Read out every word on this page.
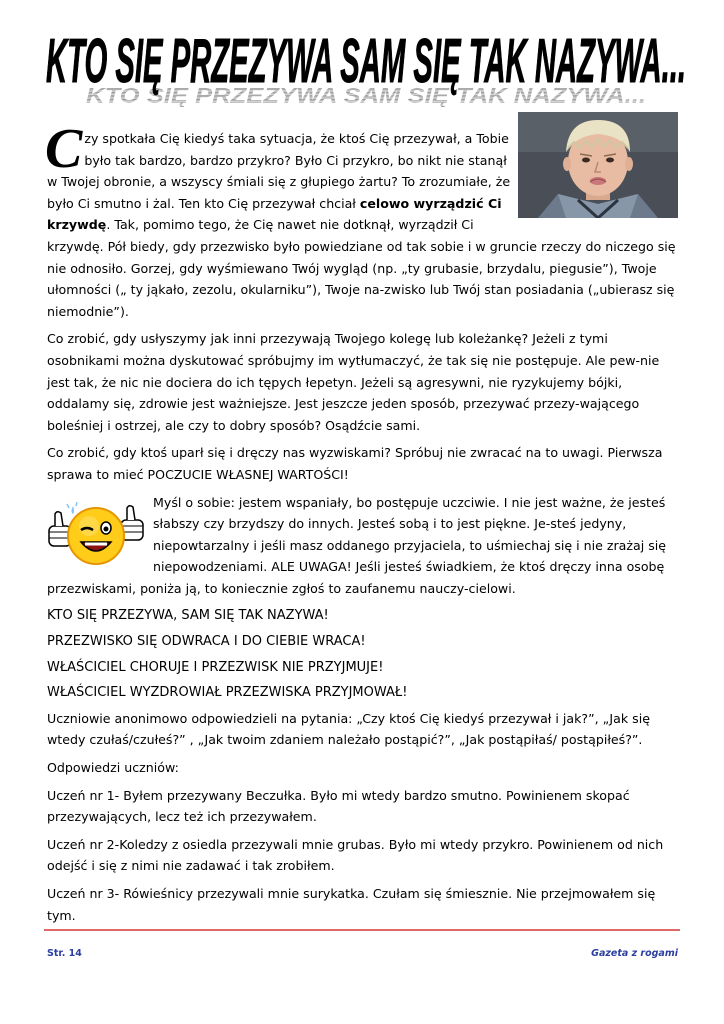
KTO SIĘ PRZEZYWA SAM SIĘ TAK NAZYWA...
KTO SIĘ PRZEZYWA SAM SIĘ TAK NAZYWA...

Czy spotkała Cię kiedyś taka sytuacja, że ktoś Cię przezywał, a Tobie było tak bardzo, bardzo przykro? Było Ci przykro, bo nikt nie stanął w Twojej obronie, a wszyscy śmiali się z głupiego żartu? To zrozumiałe, że było Ci smutno i żal. Ten kto Cię przezywał chciał celowo wyrządzić Ci krzywdę. Tak, pomimo tego, że Cię nawet nie dotknął, wyrządził Ci krzywdę. Pół biedy, gdy przezwisko było powiedziane od tak sobie i w gruncie rzeczy do niczego się nie odnosiło. Gorzej, gdy wyśmiewano Twój wygląd (np. „ty grubasie, brzydalu, piegusie”), Twoje ułomności („ ty jąkało, zezolu, okularniku”), Twoje na-zwisko lub Twój stan posiadania („ubierasz się niemodnie”).

Co zrobić, gdy usłyszymy jak inni przezywają Twojego kolegę lub koleżankę? Jeżeli z tymi osobnikami można dyskutować spróbujmy im wytłumaczyć, że tak się nie postępuje. Ale pew-nie jest tak, że nic nie dociera do ich tępych łepetyn. Jeżeli są agresywni, nie ryzykujemy bójki, oddalamy się, zdrowie jest ważniejsze. Jest jeszcze jeden sposób, przezywać przezy-wającego boleśniej i ostrzej, ale czy to dobry sposób? Osądźcie sami.

Co zrobić, gdy ktoś uparł się i dręczy nas wyzwiskami? Spróbuj nie zwracać na to uwagi. Pierwsza sprawa to mieć POCZUCIE WŁASNEJ WARTOŚCI!

Myśl o sobie: jestem wspaniały, bo postępuje uczciwie. I nie jest ważne, że jesteś słabszy czy brzydszy do innych. Jesteś sobą i to jest piękne. Je-steś jedyny, niepowtarzalny i jeśli masz oddanego przyjaciela, to uśmiechaj się i nie zrażaj się niepowodzeniami. ALE UWAGA! Jeśli jesteś świadkiem, że ktoś dręczy inna osobę przezwiskami, poniża ją, to koniecznie zgłoś to zaufanemu nauczy-cielowi.

KTO SIĘ PRZEZYWA, SAM SIĘ TAK NAZYWA!

PRZEZWISKO SIĘ ODWRACA I DO CIEBIE WRACA!

WŁAŚCICIEL CHORUJE I PRZEZWISK NIE PRZYJMUJE!

WŁAŚCICIEL WYZDROWIAŁ PRZEZWISKA PRZYJMOWAŁ!

Uczniowie anonimowo odpowiedzieli na pytania: „Czy ktoś Cię kiedyś przezywał i jak?”, „Jak się wtedy czułaś/czułeś?” , „Jak twoim zdaniem należało postąpić?”, „Jak postąpiłaś/ postąpiłeś?”.

Odpowiedzi uczniów:

Uczeń nr 1- Byłem przezywany Beczułka. Było mi wtedy bardzo smutno. Powinienem skopać przezywających, lecz też ich przezywałem.

Uczeń nr 2-Koledzy z osiedla przezywali mnie grubas. Było mi wtedy przykro. Powinienem od nich odejść i się z nimi nie zadawać i tak zrobiłem.

Uczeń nr 3- Rówieśnicy przezywali mnie surykatka. Czułam się śmiesznie. Nie przejmowałem się tym.

Str. 14	Gazeta z rogami
